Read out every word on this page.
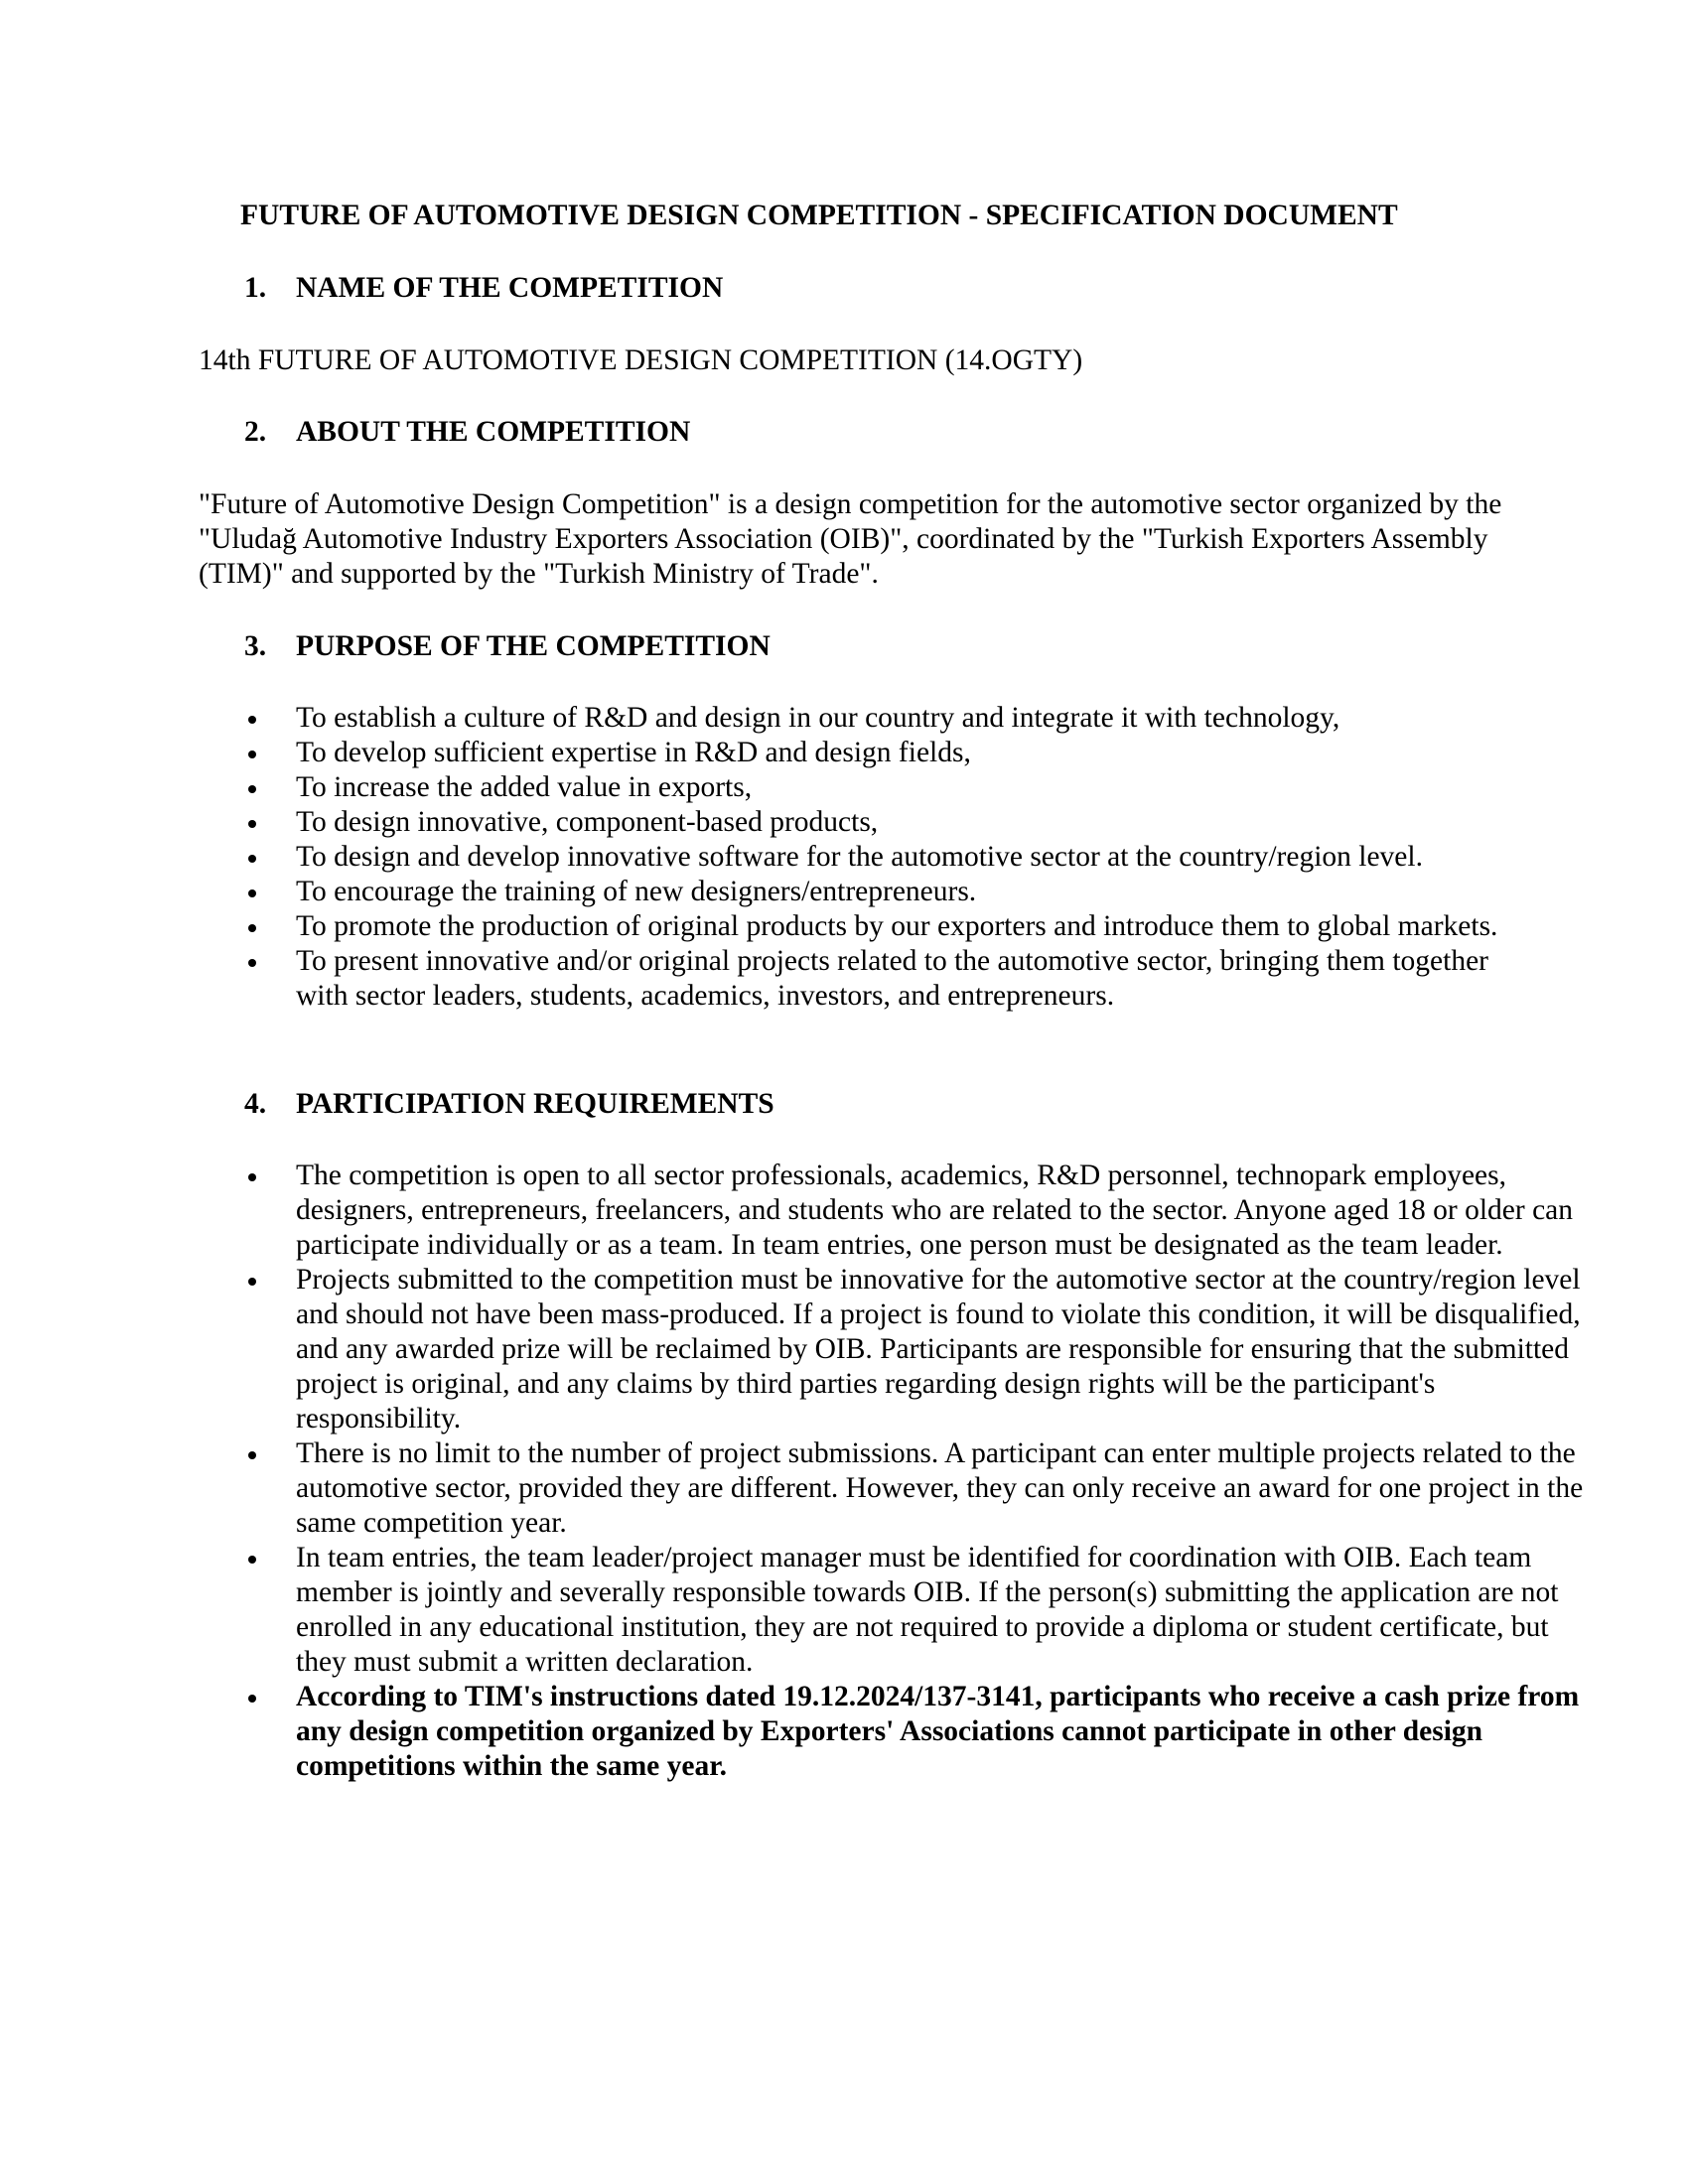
FUTURE OF AUTOMOTIVE DESIGN COMPETITION - SPECIFICATION DOCUMENT
1. NAME OF THE COMPETITION

14th FUTURE OF AUTOMOTIVE DESIGN COMPETITION (14.OGTY)

2. ABOUT THE COMPETITION

"Future of Automotive Design Competition" is a design competition for the automotive sector organized by the "Uludağ Automotive Industry Exporters Association (OIB)", coordinated by the "Turkish Exporters Assembly (TIM)" and supported by the "Turkish Ministry of Trade".

3. PURPOSE OF THE COMPETITION
To establish a culture of R&D and design in our country and integrate it with technology,
To develop sufficient expertise in R&D and design fields,
To increase the added value in exports,
To design innovative, component-based products,
To design and develop innovative software for the automotive sector at the country/region level.
To encourage the training of new designers/entrepreneurs.
To promote the production of original products by our exporters and introduce them to global markets.
To present innovative and/or original projects related to the automotive sector, bringing them together with sector leaders, students, academics, investors, and entrepreneurs.
4. PARTICIPATION REQUIREMENTS
The competition is open to all sector professionals, academics, R&D personnel, technopark employees, designers, entrepreneurs, freelancers, and students who are related to the sector. Anyone aged 18 or older can participate individually or as a team. In team entries, one person must be designated as the team leader.
Projects submitted to the competition must be innovative for the automotive sector at the country/region level and should not have been mass-produced. If a project is found to violate this condition, it will be disqualified, and any awarded prize will be reclaimed by OIB. Participants are responsible for ensuring that the submitted project is original, and any claims by third parties regarding design rights will be the participant's responsibility.
There is no limit to the number of project submissions. A participant can enter multiple projects related to the automotive sector, provided they are different. However, they can only receive an award for one project in the same competition year.
In team entries, the team leader/project manager must be identified for coordination with OIB. Each team member is jointly and severally responsible towards OIB. If the person(s) submitting the application are not enrolled in any educational institution, they are not required to provide a diploma or student certificate, but they must submit a written declaration.
According to TIM's instructions dated 19.12.2024/137-3141, participants who receive a cash prize from any design competition organized by Exporters' Associations cannot participate in other design competitions within the same year.
